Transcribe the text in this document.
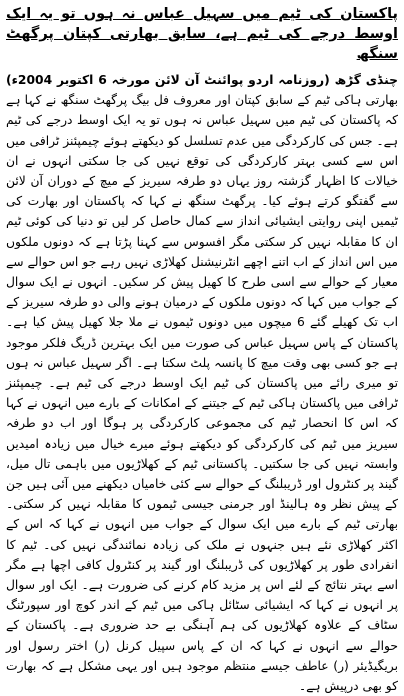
پاکستان کی ٹیم میں سہیل عباس نہ ہوں تو یہ ایک اوسط درجے کی ٹیم ہے، سابق بھارتی کپتان پرگھٹ سنگھ

چنڈی گڑھ (روزنامہ اردو پوائنٹ آن لائن مورخہ 6 اکتوبر 2004ء) بھارتی ہاکی ٹیم کے سابق کپتان اور معروف فل بیگ پرگھٹ سنگھ نے کہا ہے کہ پاکستان کی ٹیم میں سہیل عباس نہ ہوں تو یہ ایک اوسط درجے کی ٹیم ہے۔ جس کی کارکردگی میں عدم تسلسل کو دیکھتے ہوئے چیمپئنز ٹرافی میں اس سے کسی بہتر کارکردگی کی توقع نہیں کی جا سکتی انہوں نے ان خیالات کا اظہار گزشتہ روز یہاں دو طرفہ سیریز کے میچ کے دوران آن لائن سے گفتگو کرتے ہوئے کیا۔ پرگھٹ سنگھ نے کہا کہ پاکستان اور بھارت کی ٹیمیں اپنی روایتی ایشیائی انداز سے کمال حاصل کر لیں تو دنیا کی کوئی ٹیم ان کا مقابلہ نہیں کر سکتی مگر افسوس سے کہنا پڑتا ہے کہ دونوں ملکوں میں اس انداز کے اب اتنے اچھے انٹرنیشنل کھلاڑی نہیں رہے جو اس حوالے سے معیار کے حوالے سے اسی طرح کا کھیل پیش کر سکیں۔ انہوں نے ایک سوال کے جواب میں کہا کہ دونوں ملکوں کے درمیان ہونے والی دو طرفہ سیریز کے اب تک کھیلے گئے 6 میچوں میں دونوں ٹیموں نے ملا جلا کھیل پیش کیا ہے۔ پاکستان کے پاس سہیل عباس کی صورت میں ایک بہترین ڈریگ فلکر موجود ہے جو کسی بھی وقت میچ کا پانسہ پلٹ سکتا ہے۔ اگر سہیل عباس نہ ہوں تو میری رائے میں پاکستان کی ٹیم ایک اوسط درجے کی ٹیم ہے۔ چیمپئنز ٹرافی میں پاکستان ہاکی ٹیم کے جیتنے کے امکانات کے بارے میں انہوں نے کہا کہ اس کا انحصار ٹیم کی مجموعی کارکردگی پر ہوگا اور اب دو طرفہ سیریز میں ٹیم کی کارکردگی کو دیکھتے ہوئے میرے خیال میں زیادہ امیدیں وابستہ نہیں کی جا سکتیں۔ پاکستانی ٹیم کے کھلاڑیوں میں باہمی تال میل، گیند پر کنٹرول اور ڈریبلنگ کے حوالے سے کئی خامیاں دیکھنے میں آئی ہیں جن کے پیش نظر وہ ہالینڈ اور جرمنی جیسی ٹیموں کا مقابلہ نہیں کر سکتی۔ بھارتی ٹیم کے بارے میں ایک سوال کے جواب میں انہوں نے کہا کہ اس کے اکثر کھلاڑی نئے ہیں جنہوں نے ملک کی زیادہ نمائندگی نہیں کی۔ ٹیم کا انفرادی طور پر کھلاڑیوں کی ڈریبلنگ اور گیند پر کنٹرول کافی اچھا ہے مگر اسے بہتر نتائج کے لئے اس پر مزید کام کرنے کی ضرورت ہے۔ ایک اور سوال پر انہوں نے کہا کہ ایشیائی سٹائل ہاکی میں ٹیم کے اندر کوچ اور سپورٹنگ سٹاف کے علاوہ کھلاڑیوں کی ہم آہنگی بے حد ضروری ہے۔ پاکستان کے حوالے سے انہوں نے کہا کہ ان کے پاس سپیل کرنل (ر) اختر رسول اور بریگیڈیئر (ر) عاطف جیسے منتظم موجود ہیں اور یہی مشکل ہے کہ بھارت کو بھی درپیش ہے۔
